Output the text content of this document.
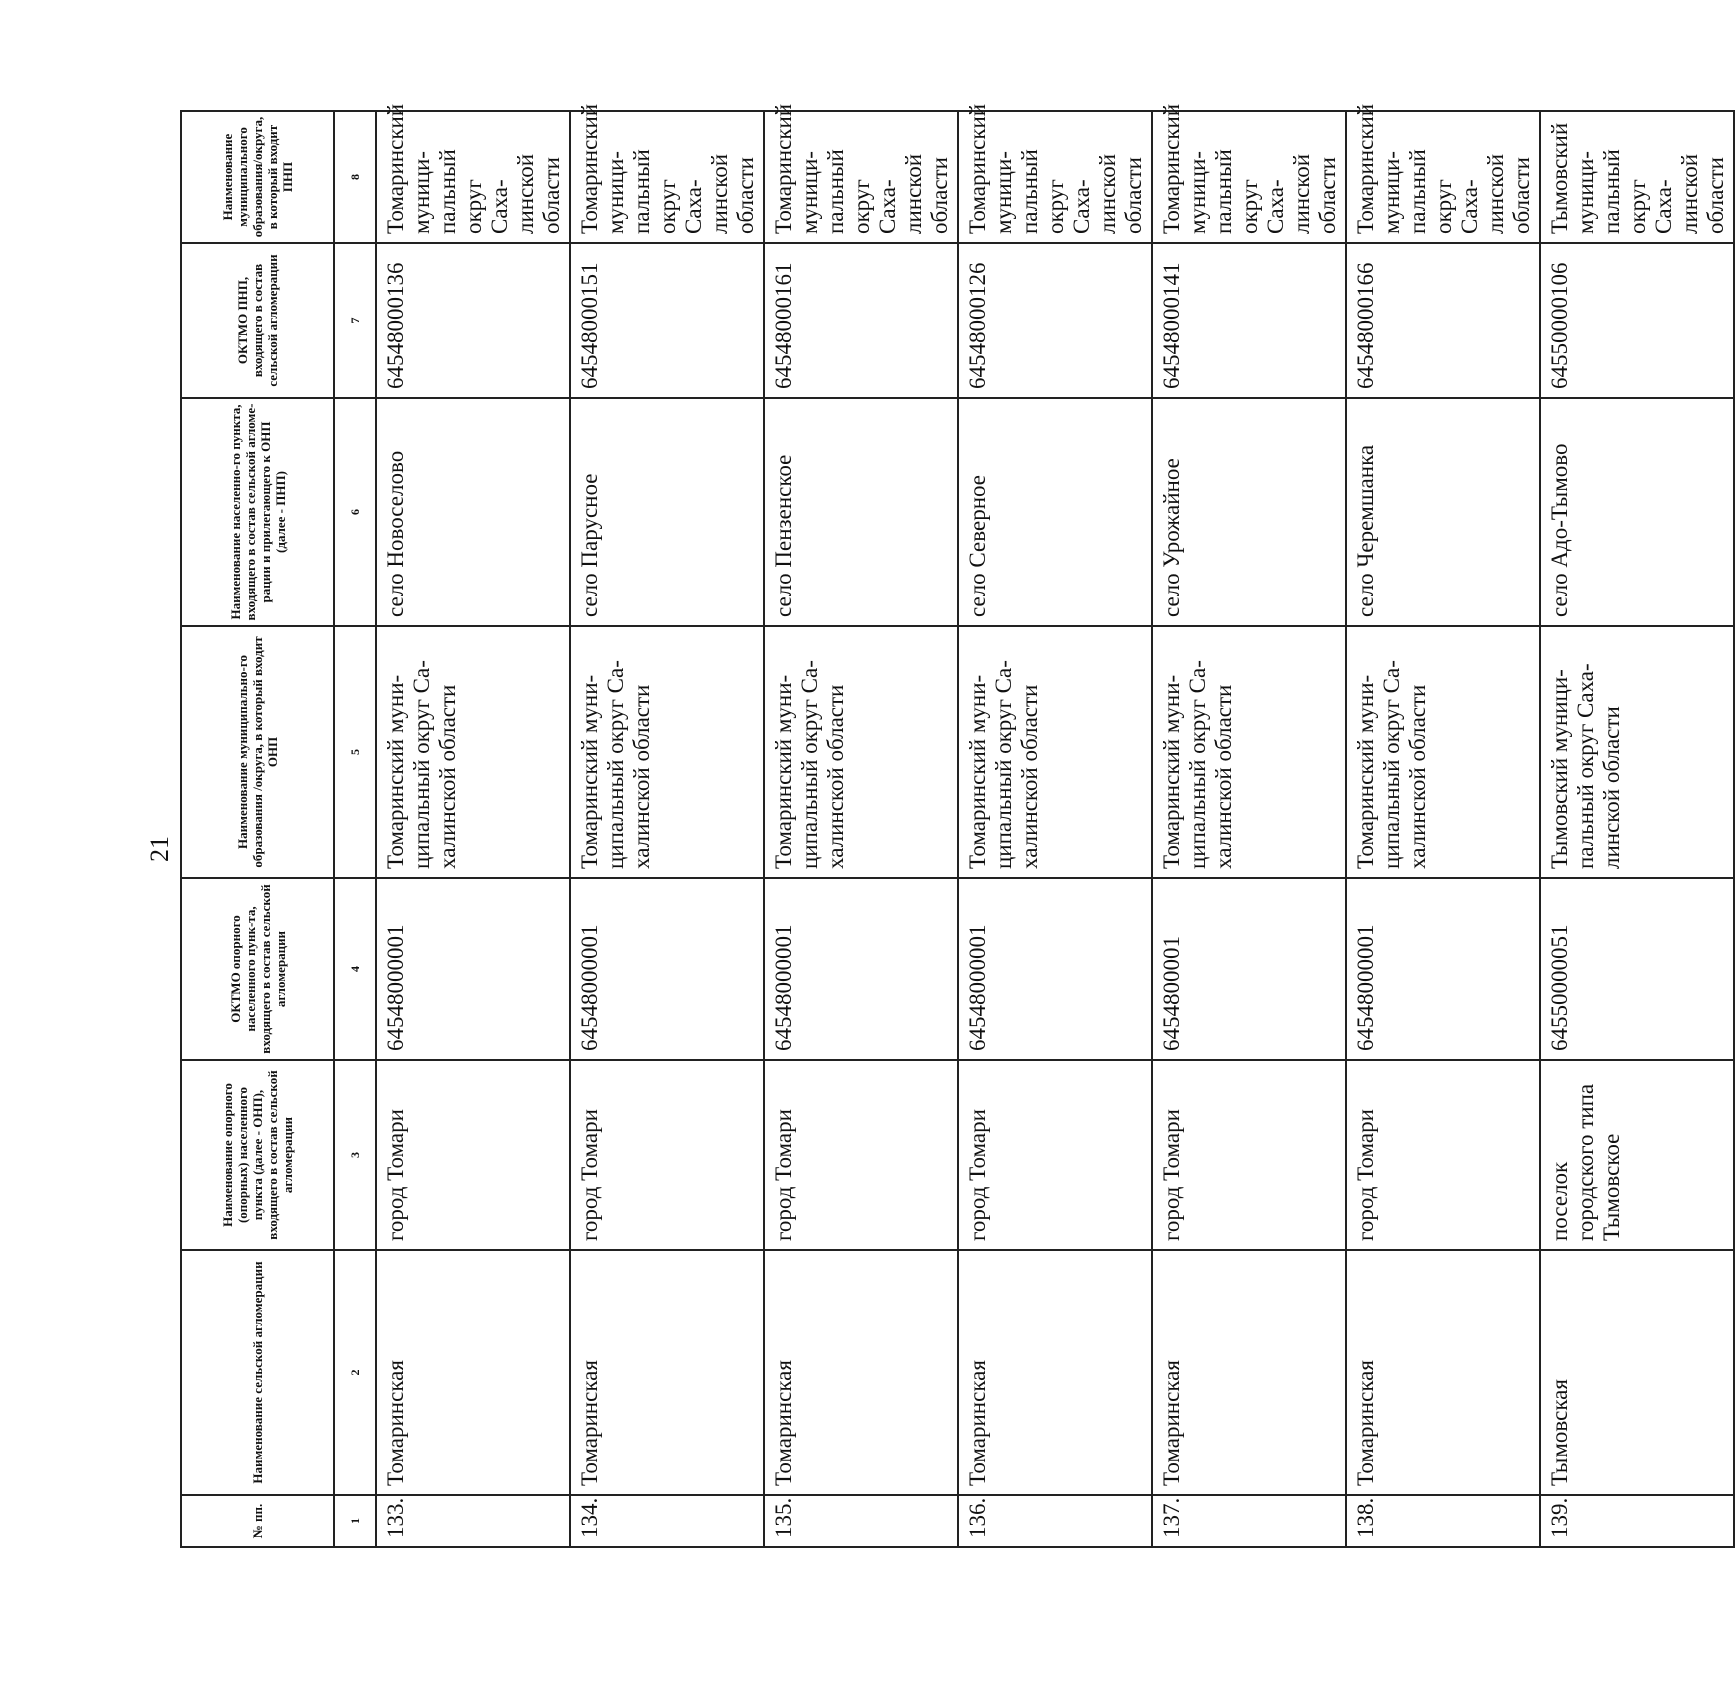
21
№ пп.	Наименование сельской агломерации	Наименование опорного (опорных) населенного пункта (далее - ОНП), входящего в состав сельской агломерации	ОКТМО опорного населенного пунк-та, входящего в состав сельской агломерации	Наименование муниципально-го образования /округа, в который входит ОНП	Наименование населенно-го пункта, входящего в состав сельской агломе-рации и прилегающего к ОНП (далее - ПНП)	ОКТМО ПНП, входящего в состав сельской агломерации	Наименование муниципального образования/округа, в который входит ПНП
1	2	3	4	5	6	7	8
133.	Томаринская	город Томари	64548000001	Томаринский муни-
ципальный округ Са-
халинской области	село Новоселово	64548000136	Томаринский муници-
пальный округ Саха-
линской области
134.	Томаринская	город Томари	64548000001	Томаринский муни-
ципальный округ Са-
халинской области	село Парусное	64548000151	Томаринский муници-
пальный округ Саха-
линской области
135.	Томаринская	город Томари	64548000001	Томаринский муни-
ципальный округ Са-
халинской области	село Пензенское	64548000161	Томаринский муници-
пальный округ Саха-
линской области
136.	Томаринская	город Томари	64548000001	Томаринский муни-
ципальный округ Са-
халинской области	село Северное	64548000126	Томаринский муници-
пальный округ Саха-
линской области
137.	Томаринская	город Томари	6454800001	Томаринский муни-
ципальный округ Са-
халинской области	село Урожайное	64548000141	Томаринский муници-
пальный округ Саха-
линской области
138.	Томаринская	город Томари	64548000001	Томаринский муни-
ципальный округ Са-
халинской области	село Черемшанка	64548000166	Томаринский муници-
пальный округ Саха-
линской области
139.	Тымовская	поселок
городского типа
Тымовское	64550000051	Тымовский муници-
пальный округ Саха-
линской области	село Адо-Тымово	64550000106	Тымовский муници-
пальный округ Саха-
линской области
